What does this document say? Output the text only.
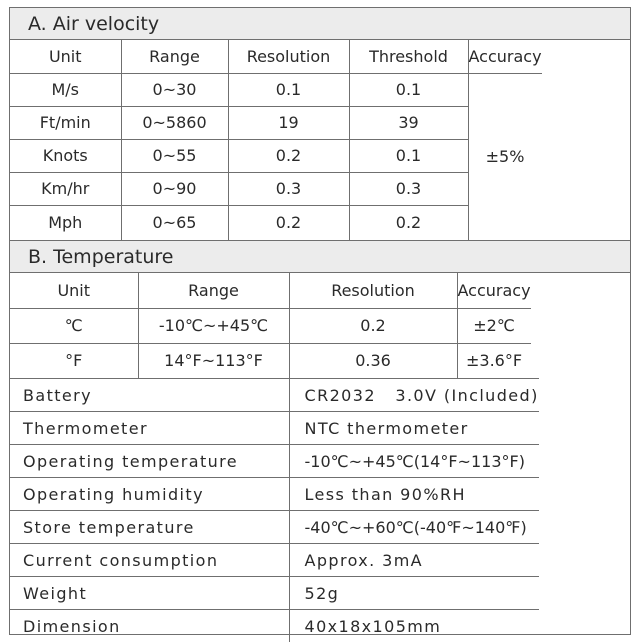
A. Air velocity
Unit	Range	Resolution	Threshold	Accuracy
M/s	0~30	0.1	0.1	±5%
Ft/min	0~5860	19	39	
Knots	0~55	0.2	0.1	
Km/hr	0~90	0.3	0.3	
Mph	0~65	0.2	0.2	
B. Temperature
Unit	Range	Resolution	Accuracy
℃	-10℃~+45℃	0.2	±2℃
°F	14°F~113°F	0.36	±3.6°F
Battery	CR2032   3.0V (Included)
Thermometer	NTC thermometer
Operating temperature	-10℃~+45℃(14°F~113°F)
Operating humidity	Less than 90%RH
Store temperature	-40℃~+60℃(-40℉~140℉)
Current consumption	Approx. 3mA
Weight	52g
Dimension	40x18x105mm
